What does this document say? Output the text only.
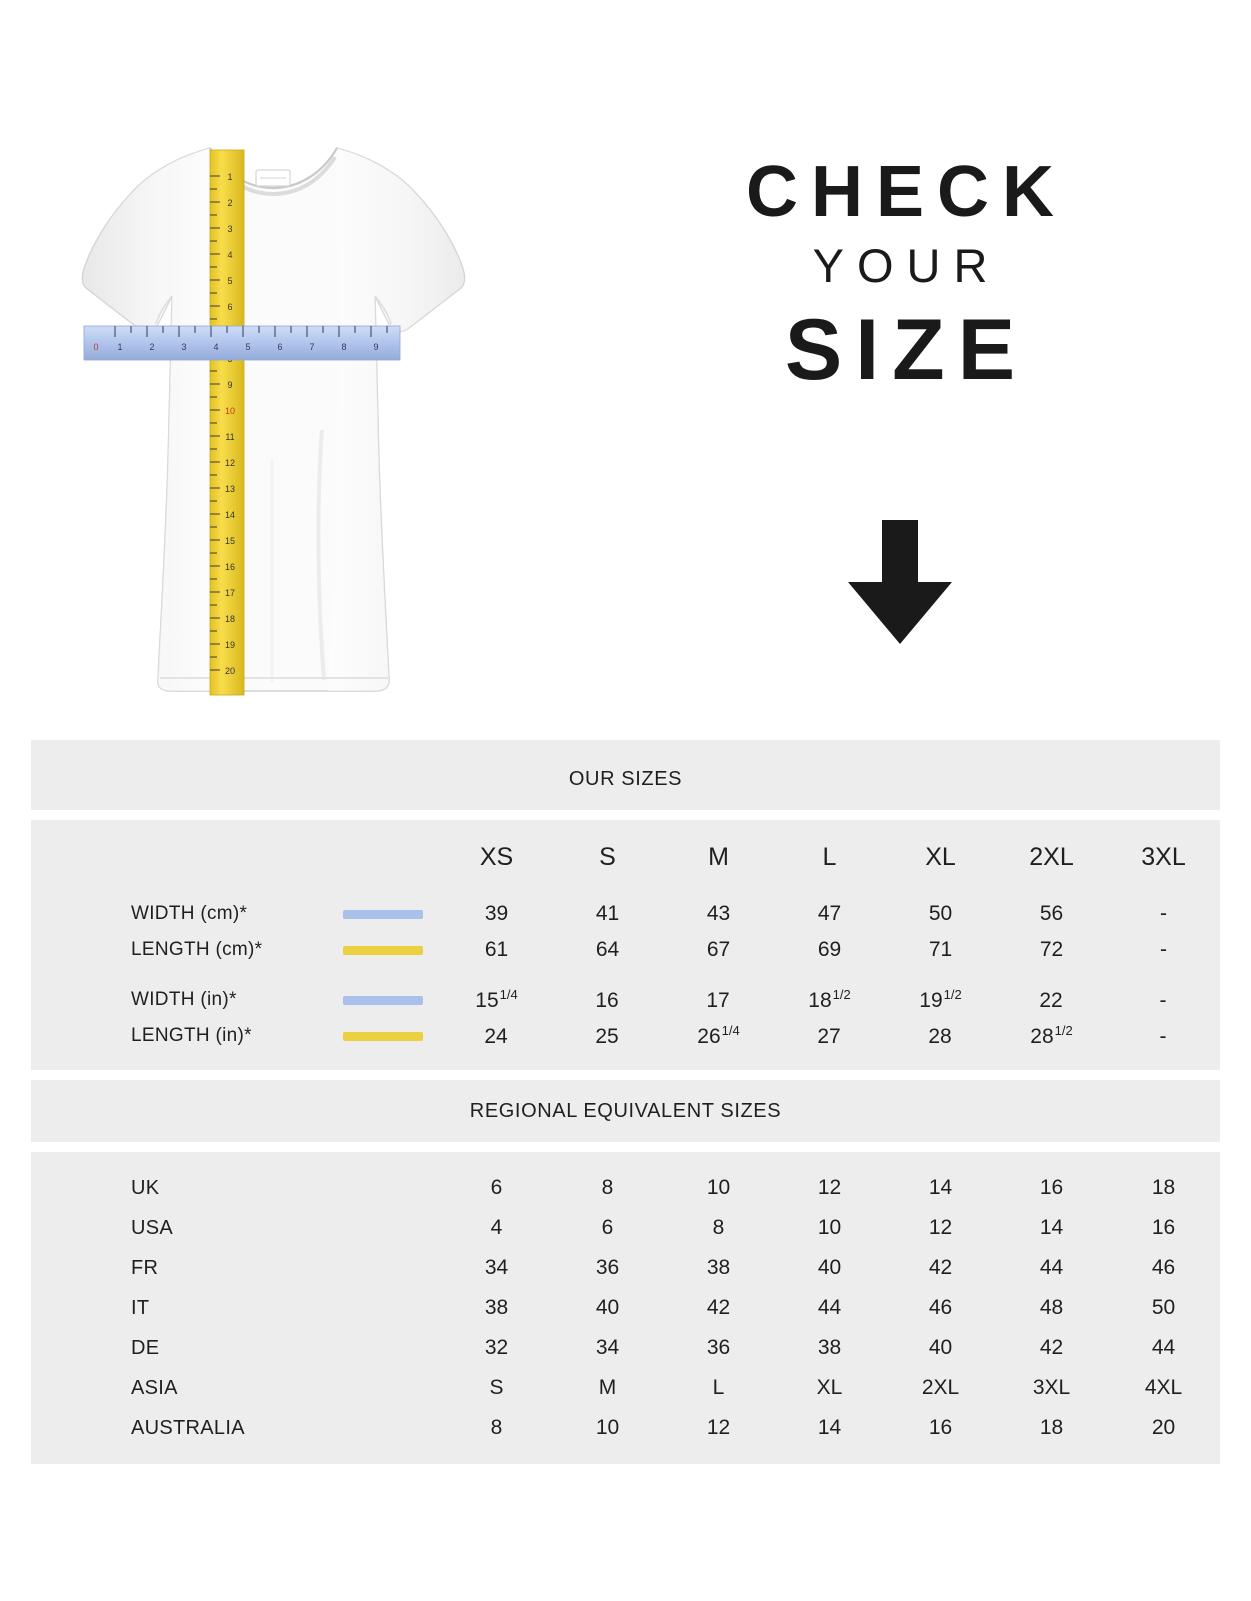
1
2
3
4
5
6
9
10
11
12
13
14
15
16
17
18
19
20
1	2	3	4	5	6	7	8	9
0
CHECK
YOUR
SIZE

OUR SIZES							

	XS	S	M	L	XL	2XL	3XL

WIDTH (cm)*	39	41	43	47	50	56	-

LENGTH (cm)*	61	64	67	69	71	72	-

WIDTH (in)*	$15^{1/4}$	16	17	$18^{1/2}$	$19^{1/2}$	22	-

LENGTH (in)*	24	25	$26^{1/4}$	27	28	$28^{1/2}$	-

REGIONAL EQUIVALENT SIZES							

UK	6	8	10	12	14	16	18
USA	4	6	8	10	12	14	16
FR	34	36	38	40	42	44	46
IT	38	40	42	44	46	48	50
DE	32	34	36	38	40	42	44
ASIA	S	M	L	XL	2XL	3XL	4XL
AUSTRALIA	8	10	12	14	16	18	20
